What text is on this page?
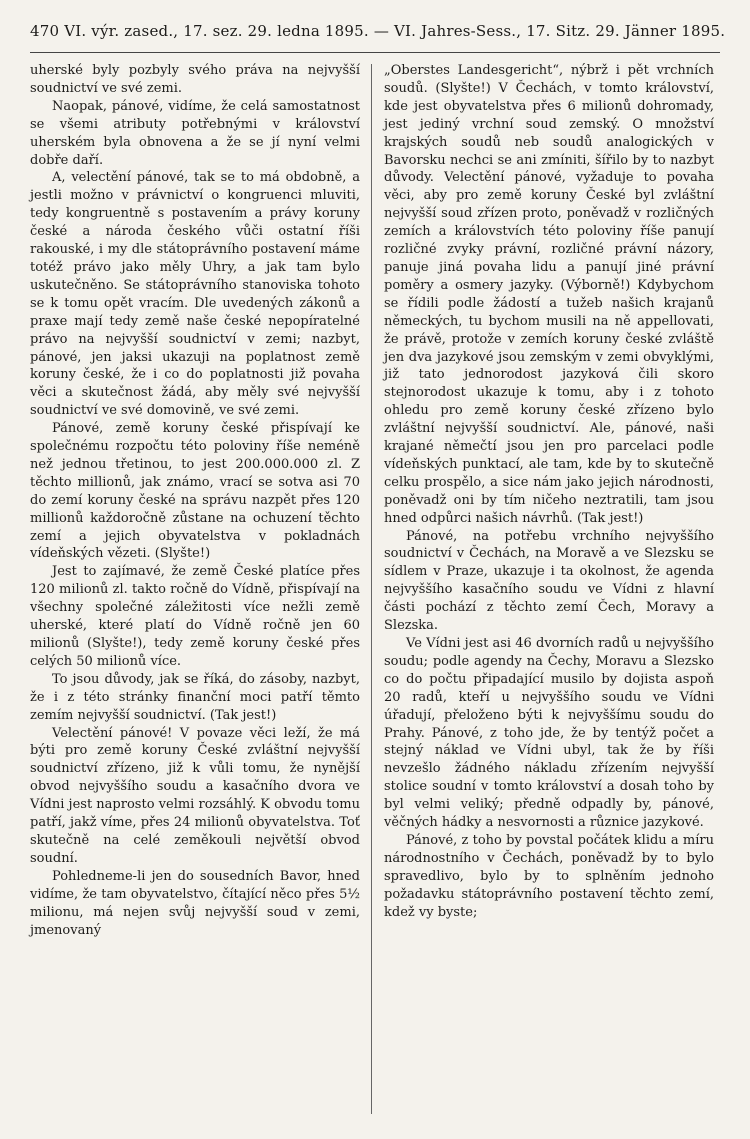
470 VI. výr. zased., 17. sez. 29. ledna 1895. — VI. Jahres-Sess., 17. Sitz. 29. Jänner 1895.

uherské byly pozbyly svého práva na nejvyšší soudnictví ve své zemi.

Naopak, pánové, vidíme, že celá samostatnost se všemi atributy potřebnými v království uherském byla obnovena a že se jí nyní velmi dobře daří.

A, velectění pánové, tak se to má obdobně, a jestli možno v právnictví o kongruenci mluviti, tedy kongruentně s postavením a právy koruny české a národa českého vůči ostatní říši rakouské, i my dle státoprávního postavení máme totéž právo jako měly Uhry, a jak tam bylo uskutečněno. Se státoprávního stanoviska tohoto se k tomu opět vracím. Dle uvedených zákonů a praxe mají tedy země naše české nepopíratelné právo na nejvyšší soudnictví v zemi; nazbyt, pánové, jen jaksi ukazuji na poplatnost země koruny české, že i co do poplatnosti již povaha věci a skutečnost žádá, aby měly své nejvyšší soudnictví ve své domovině, ve své zemi.

Pánové, země koruny české přispívají ke společnému rozpočtu této poloviny říše neméně než jednou třetinou, to jest 200.000.000 zl. Z těchto millionů, jak známo, vrací se sotva asi 70 do zemí koruny české na správu nazpět přes 120 millionů každoročně zůstane na ochuzení těchto zemí a jejich obyvatelstva v pokladnách vídeňských vězeti. (Slyšte!)

Jest to zajímavé, že země České platíce přes 120 milionů zl. takto ročně do Vídně, přispívají na všechny společné záležitosti více nežli země uherské, které platí do Vídně ročně jen 60 milionů (Slyšte!), tedy země koruny české přes celých 50 milionů více.

To jsou důvody, jak se říká, do zásoby, nazbyt, že i z této stránky finanční moci patří těmto zemím nejvyšší soudnictví. (Tak jest!)

Velectění pánové! V povaze věci leží, že má býti pro země koruny České zvláštní nejvyšší soudnictví zřízeno, již k vůli tomu, že nynější obvod nejvyššího soudu a kasačního dvora ve Vídni jest naprosto velmi rozsáhlý. K obvodu tomu patří, jakž víme, přes 24 milionů obyvatelstva. Toť skutečně na celé zeměkouli největší obvod soudní.

Pohledneme-li jen do sousedních Bavor, hned vidíme, že tam obyvatelstvo, čítající něco přes 5½ milionu, má nejen svůj nejvyšší soud v zemi, jmenovaný

„Oberstes Landesgericht“, nýbrž i pět vrchních soudů. (Slyšte!) V Čechách, v tomto království, kde jest obyvatelstva přes 6 milionů dohromady, jest jediný vrchní soud zemský. O množství krajských soudů neb soudů analogických v Bavorsku nechci se ani zmíniti, šířilo by to nazbyt důvody. Velectění pánové, vyžaduje to povaha věci, aby pro země koruny České byl zvláštní nejvyšší soud zřízen proto, poněvadž v rozličných zemích a královstvích této poloviny říše panují rozličné zvyky právní, rozličné právní názory, panuje jiná povaha lidu a panují jiné právní poměry a osmery jazyky. (Výborně!) Kdybychom se řídili podle žádostí a tužeb našich krajanů německých, tu bychom musili na ně appellovati, že právě, protože v zemích koruny české zvláště jen dva jazykové jsou zemským v zemi obvyklými, již tato jednorodost jazyková čili skoro stejnorodost ukazuje k tomu, aby i z tohoto ohledu pro země koruny české zřízeno bylo zvláštní nejvyšší soudnictví. Ale, pánové, naši krajané němečtí jsou jen pro parcelaci podle vídeňských punktací, ale tam, kde by to skutečně celku prospělo, a sice nám jako jejich národnosti, poněvadž oni by tím ničeho neztratili, tam jsou hned odpůrci našich návrhů. (Tak jest!)

Pánové, na potřebu vrchního nejvyššího soudnictví v Čechách, na Moravě a ve Slezsku se sídlem v Praze, ukazuje i ta okolnost, že agenda nejvyššího kasačního soudu ve Vídni z hlavní části pochází z těchto zemí Čech, Moravy a Slezska.

Ve Vídni jest asi 46 dvorních radů u nejvyššího soudu; podle agendy na Čechy, Moravu a Slezsko co do počtu připadající musilo by dojista aspoň 20 radů, kteří u nejvyššího soudu ve Vídni úřadují, přeloženo býti k nejvyššímu soudu do Prahy. Pánové, z toho jde, že by tentýž počet a stejný náklad ve Vídni ubyl, tak že by říši nevzešlo žádného nákladu zřízením nejvyšší stolice soudní v tomto království a dosah toho by byl velmi veliký; předně odpadly by, pánové, věčných hádky a nesvornosti a různice jazykové.

Pánové, z toho by povstal počátek klidu a míru národnostního v Čechách, poněvadž by to bylo spravedlivo, bylo by to splněním jednoho požadavku státoprávního postavení těchto zemí, kdež vy byste;
